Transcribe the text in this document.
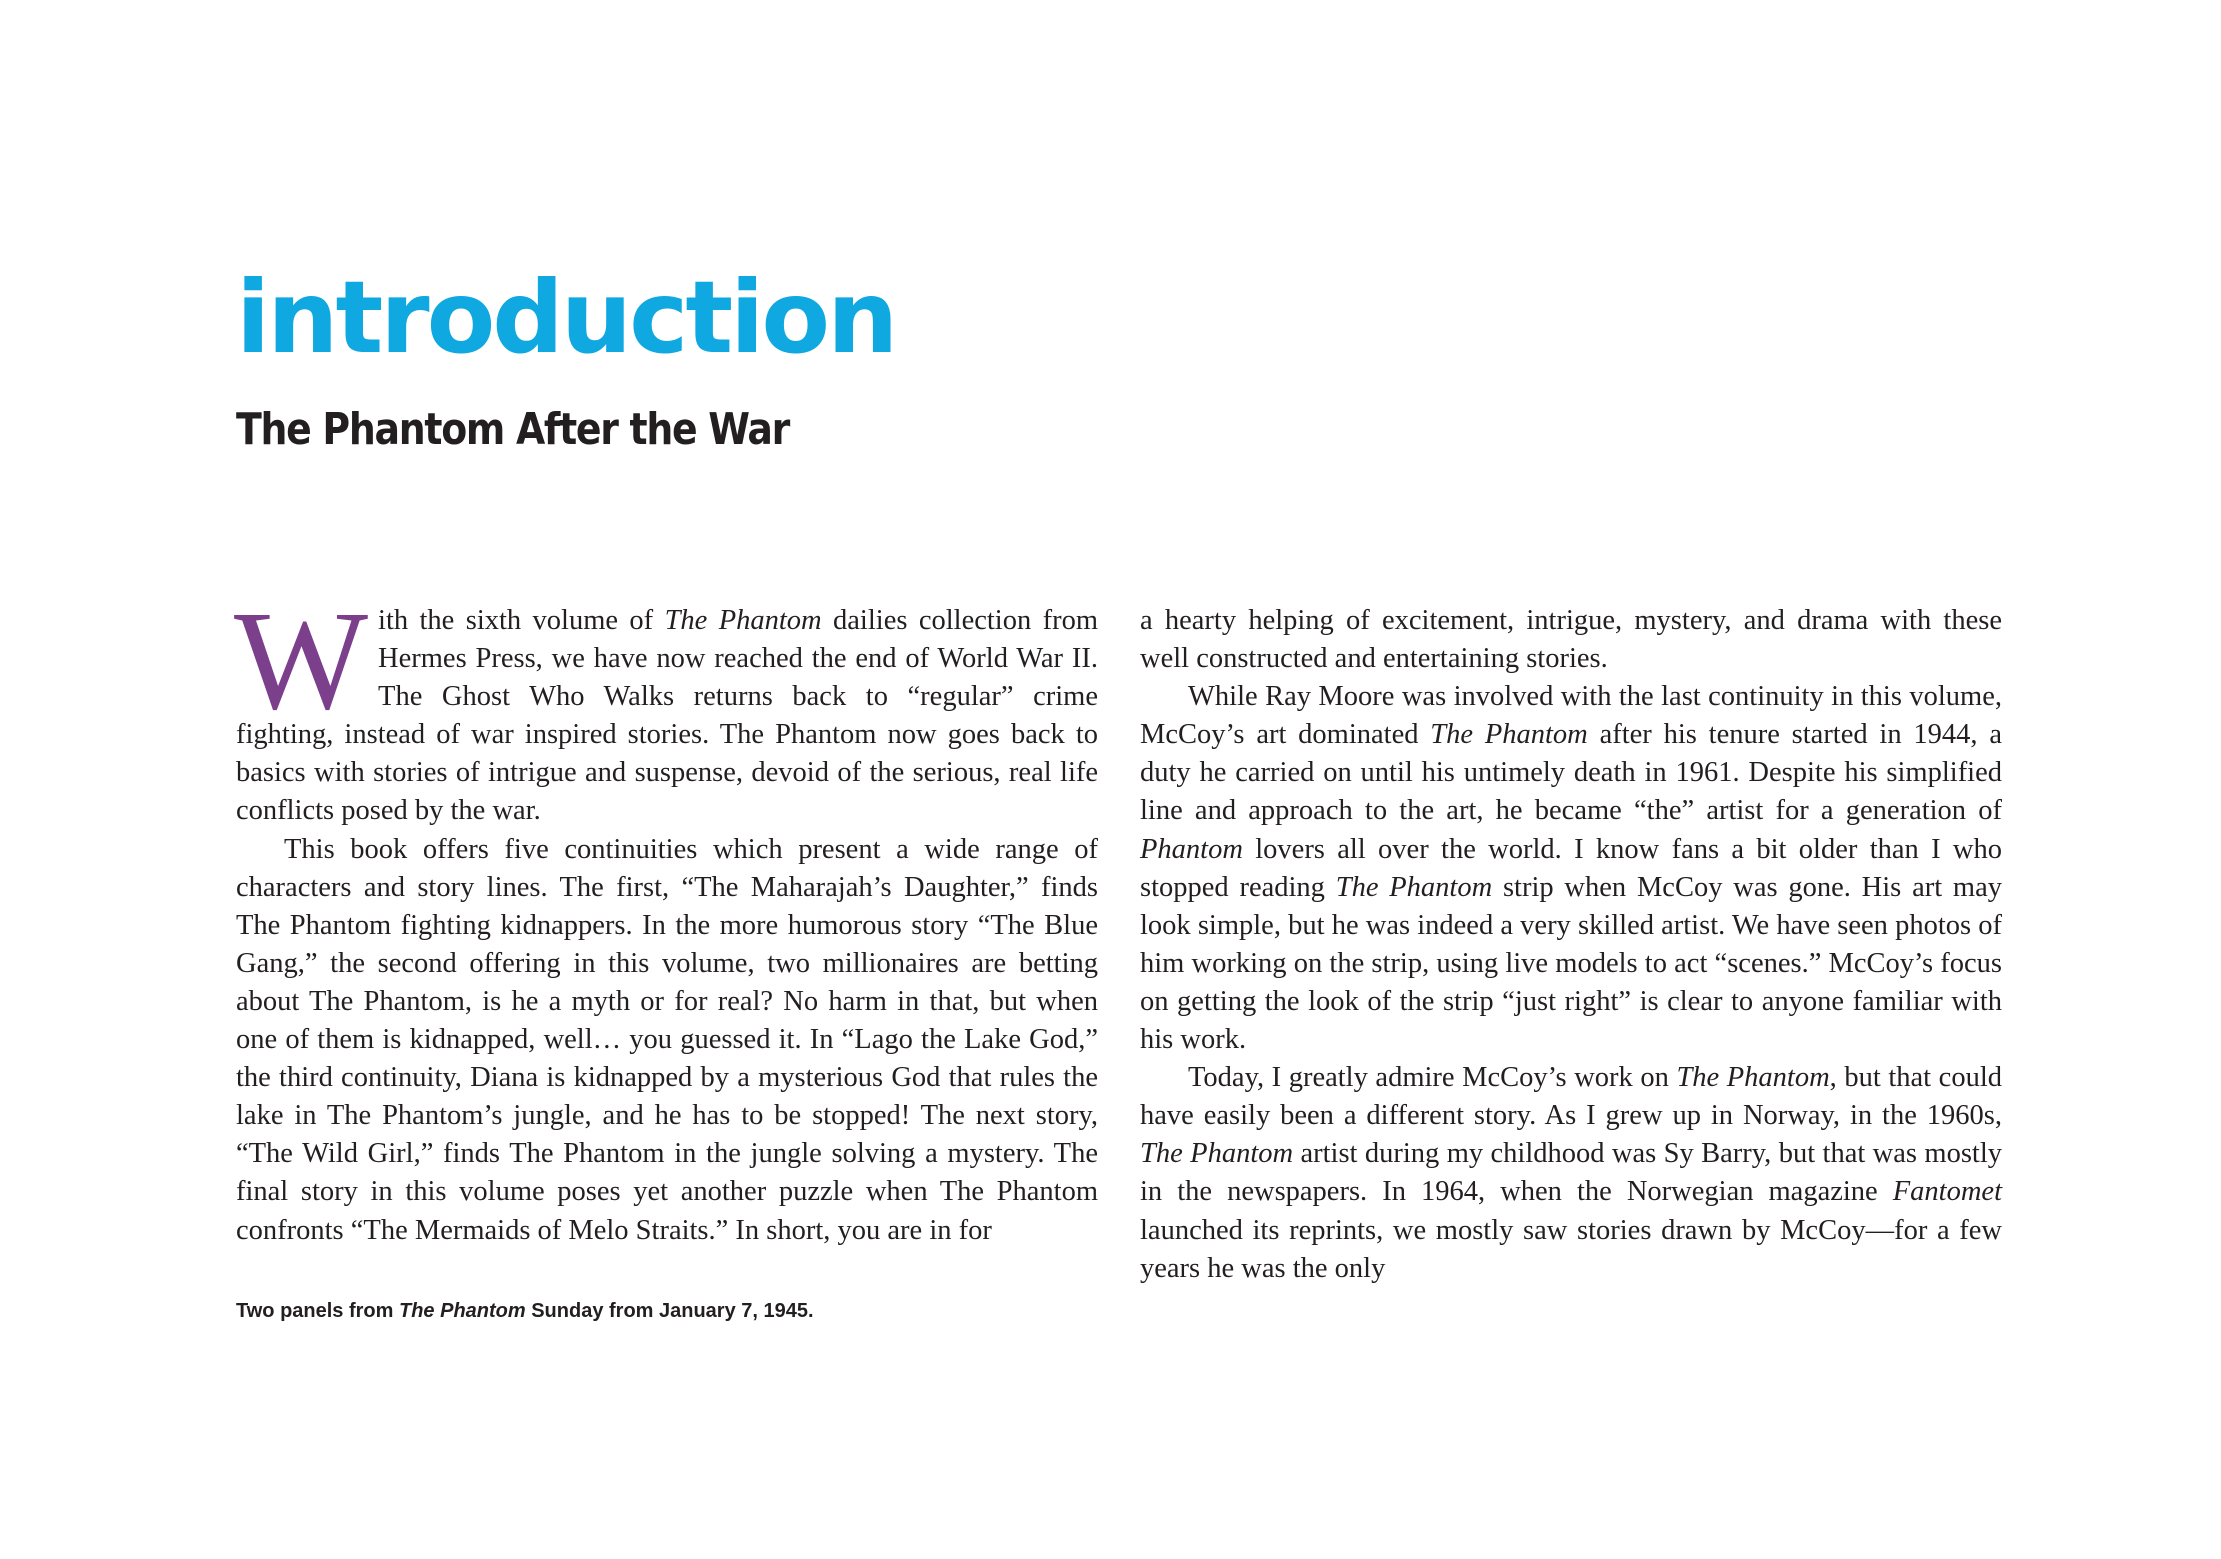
introduction
The Phantom After the War

With the sixth volume of The Phantom dailies collection from Hermes Press, we have now reached the end of World War II. The Ghost Who Walks returns back to “regular” crime fighting, instead of war inspired stories. The Phantom now goes back to basics with stories of intrigue and suspense, devoid of the serious, real life conflicts posed by the war.

This book offers five continuities which present a wide range of characters and story lines. The first, “The Maharajah’s Daughter,” finds The Phantom fighting kidnappers. In the more humorous story “The Blue Gang,” the second offering in this volume, two millionaires are betting about The Phantom, is he a myth or for real? No harm in that, but when one of them is kidnapped, well… you guessed it. In “Lago the Lake God,” the third continuity, Diana is kidnapped by a mysterious God that rules the lake in The Phantom’s jungle, and he has to be stopped! The next story, “The Wild Girl,” finds The Phantom in the jungle solving a mystery. The final story in this volume poses yet another puzzle when The Phantom confronts “The Mermaids of Melo Straits.” In short, you are in for

Two panels from The Phantom Sunday from January 7, 1945.

a hearty helping of excitement, intrigue, mystery, and drama with these well constructed and entertaining stories.

While Ray Moore was involved with the last continuity in this volume, McCoy’s art dominated The Phantom after his tenure started in 1944, a duty he carried on until his untimely death in 1961. Despite his simplified line and approach to the art, he became “the” artist for a generation of Phantom lovers all over the world. I know fans a bit older than I who stopped reading The Phantom strip when McCoy was gone. His art may look simple, but he was indeed a very skilled artist. We have seen photos of him working on the strip, using live models to act “scenes.” McCoy’s focus on getting the look of the strip “just right” is clear to anyone familiar with his work.

Today, I greatly admire McCoy’s work on The Phantom, but that could have easily been a different story. As I grew up in Norway, in the 1960s, The Phantom artist during my childhood was Sy Barry, but that was mostly in the newspapers. In 1964, when the Norwegian magazine Fantomet launched its reprints, we mostly saw stories drawn by McCoy—for a few years he was the only
